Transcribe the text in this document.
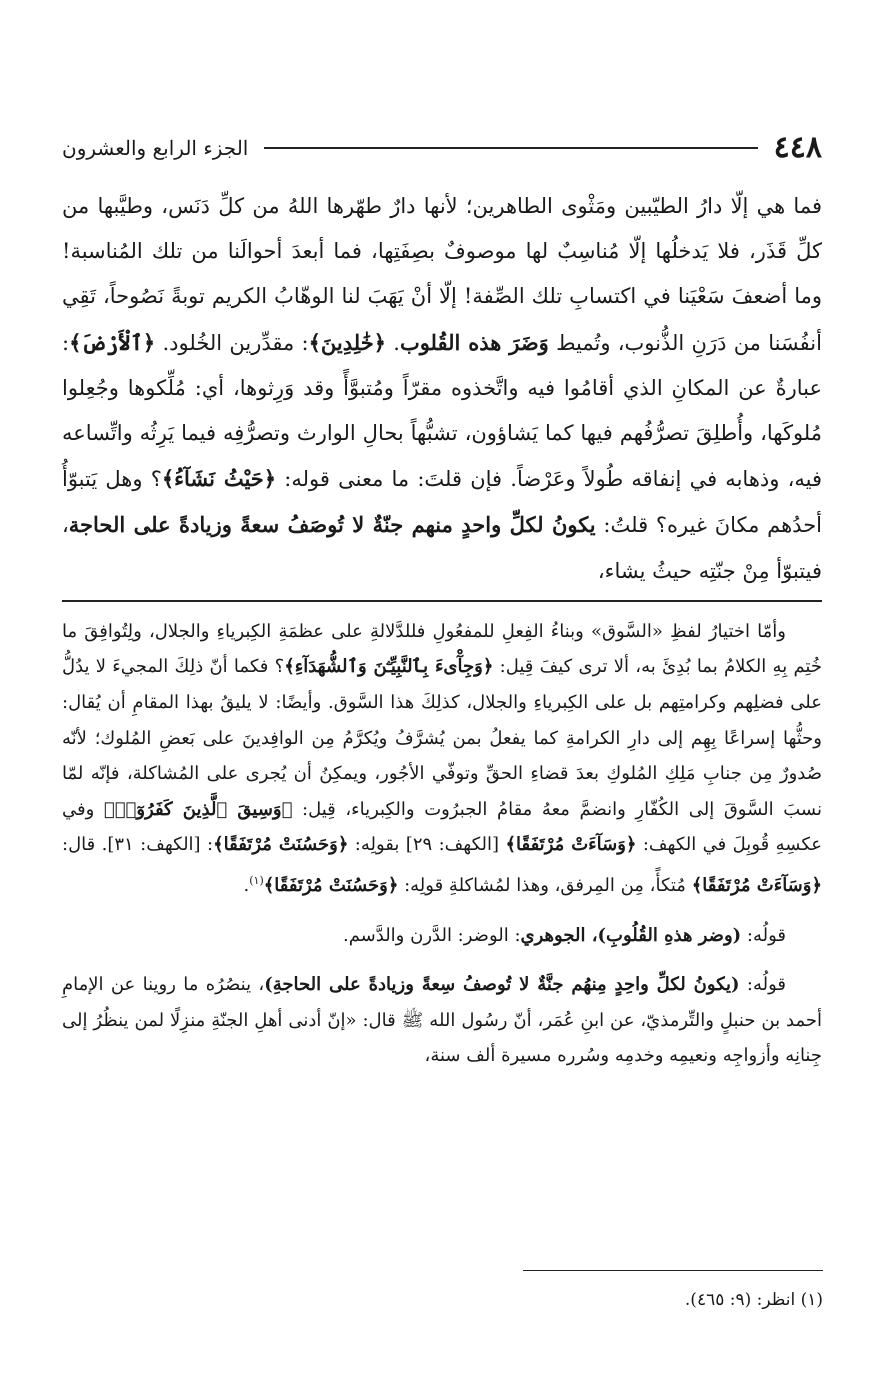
٤٤٨
الجزء الرابع والعشرون
فما هي إلّا دارُ الطيّبين ومَثْوى الطاهرين؛ لأنها دارٌ طهّرها اللهُ من كلِّ دَنَس، وطيَّبها من كلِّ قَذَر، فلا يَدخلُها إلّا مُناسِبٌ لها موصوفٌ بصِفَتِها، فما أبعدَ أحوالَنا من تلك المُناسبة! وما أضعفَ سَعْيَنا في اكتسابِ تلك الصِّفة! إلّا أنْ يَهَبَ لنا الوهّابُ الكريم توبةً نَصُوحاً، تَقِي أنفُسَنا من دَرَنِ الذُّنوب، وتُميط وَضَرَ هذه القُلوب. ﴿خَٰلِدِينَ﴾: مقدِّرين الخُلود. ﴿ٱلْأَرْضَ﴾: عبارةٌ عن المكانِ الذي أقامُوا فيه واتَّخذوه مقرّاً ومُتبوَّأً وقد وَرِثوها، أي: مُلِّكوها وجُعِلوا مُلوكَها، وأُطلِقَ تصرُّفُهم فيها كما يَشاؤون، تشبُّهاً بحالِ الوارث وتصرُّفِه فيما يَرِثُه واتِّساعه فيه، وذهابه في إنفاقه طُولاً وعَرْضاً. فإن قلتَ: ما معنى قوله: ﴿حَيْثُ نَشَآءُ﴾؟ وهل يَتبوّأُ أحدُهم مكانَ غيره؟ قلتُ: يكونُ لكلِّ واحدٍ منهم جنّةٌ لا تُوصَفُ سعةً وزيادةً على الحاجة، فيتبوّأ مِنْ جنّتِه حيثُ يشاء،

وأمّا اختيارُ لفظِ «السَّوق» وبناءُ الفِعلِ للمفعُولِ فللدَّلالةِ على عظمَةِ الكِبرياءِ والجلال، ولِتُوافِقَ ما خُتِم بِهِ الكلامُ بما بُدِئَ به، ألا ترى كيفَ قِيل: ﴿وَجِآْىءَ بِٱلنَّبِيِّـۧنَ وَٱلشُّهَدَآءِ﴾؟ فكما أنّ ذلِكَ المجيءَ لا يدُلُّ على فضلِهم وكرامتِهم بل على الكِبرياءِ والجلال، كذلِكَ هذا السَّوق. وأيضًا: لا يليقُ بهذا المقامِ أن يُقال: وحثُّها إسراعًا بِهِم إلى دارِ الكرامةِ كما يفعلُ بمن يُشرَّفُ ويُكرَّمُ مِن الوافِدينَ على بَعضِ المُلوك؛ لأنّه صُدورٌ مِن جنابِ مَلِكِ المُلوكِ بعدَ قضاءِ الحقِّ وتوفّي الأجُور، ويمكِنُ أن يُجرى على المُشاكلة، فإنّه لمّا نسبَ السَّوقَ إلى الكُفّارِ وانضمَّ معهُ مقامُ الجبرُوت والكِبرياء، قِيل: ﴿وَسِيقَ ٱلَّذِينَ كَفَرُوٓا۟﴾ وفي عكسِهِ قُوبِلَ في الكهف: ﴿وَسَآءَتْ مُرْتَفَقًا﴾ [الكهف: ٢٩] بقولِه: ﴿وَحَسُنَتْ مُرْتَفَقًا﴾: [الكهف: ٣١]. قال: ﴿وَسَآءَتْ مُرْتَفَقًا﴾ مُتكأً، مِن المِرفق، وهذا لمُشاكلةِ قولِه: ﴿وَحَسُنَتْ مُرْتَفَقًا﴾$^{(١)}$.

قولُه: (وضر هذهِ القُلُوبِ)، الجوهري: الوضر: الدَّرن والدَّسم.

قولُه: (يكونُ لكلِّ واحِدٍ مِنهُم جنَّةٌ لا تُوصفُ سِعةً وزيادةً على الحاجةِ)، ينصُرُه ما روينا عن الإمامِ أحمد بن حنبلٍ والتِّرمذيّ، عن ابنِ عُمَر، أنّ رسُول الله ﷺ قال: «إنّ أدنى أهلِ الجنّةِ منزِلًا لمن ينظُرُ إلى جِنانِه وأزواجِه ونعيمِه وخدمِه وسُرره مسيرة ألف سنة،

(١) انظر: (٩: ٤٦٥).
